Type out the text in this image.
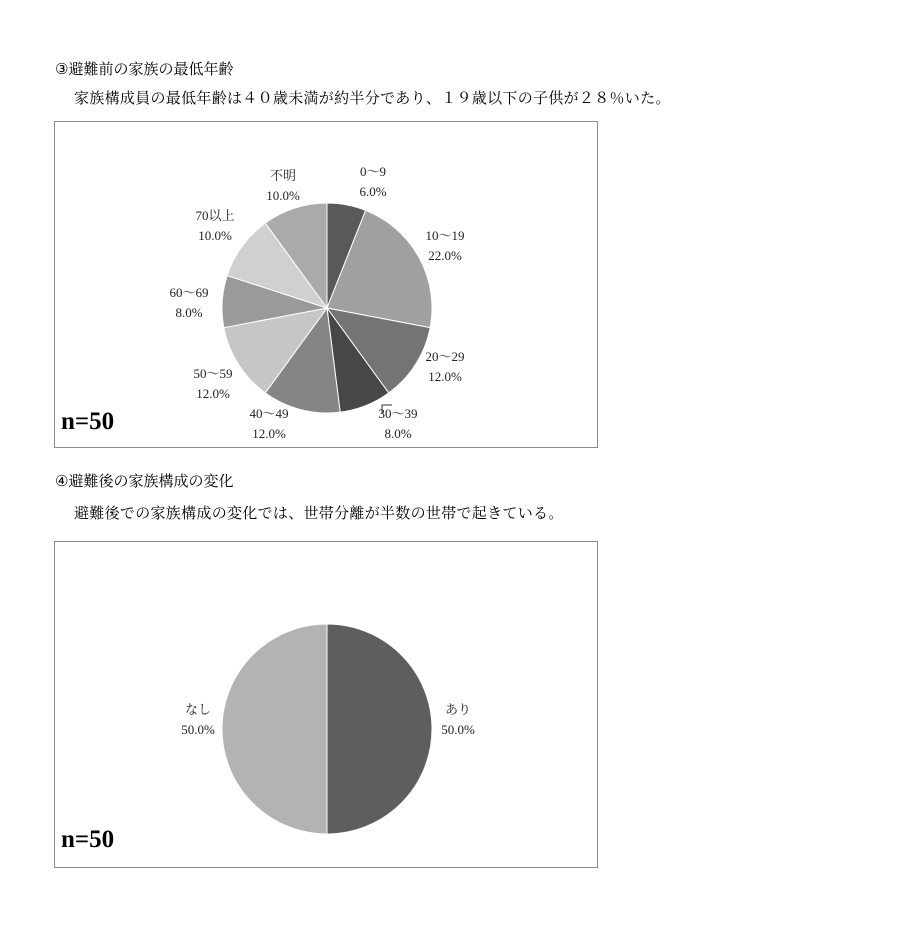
③避難前の家族の最低年齢
家族構成員の最低年齢は４０歳未満が約半分であり、１９歳以下の子供が２８％いた。
0～9
6.0%
10～19
22.0%
20～29
12.0%
30～39
8.0%
40～49
12.0%
50～59
12.0%
60～69
8.0%
70以上
10.0%
不明
10.0%
n=50
④避難後の家族構成の変化
避難後での家族構成の変化では、世帯分離が半数の世帯で起きている。
あり
50.0%
なし
50.0%
n=50
